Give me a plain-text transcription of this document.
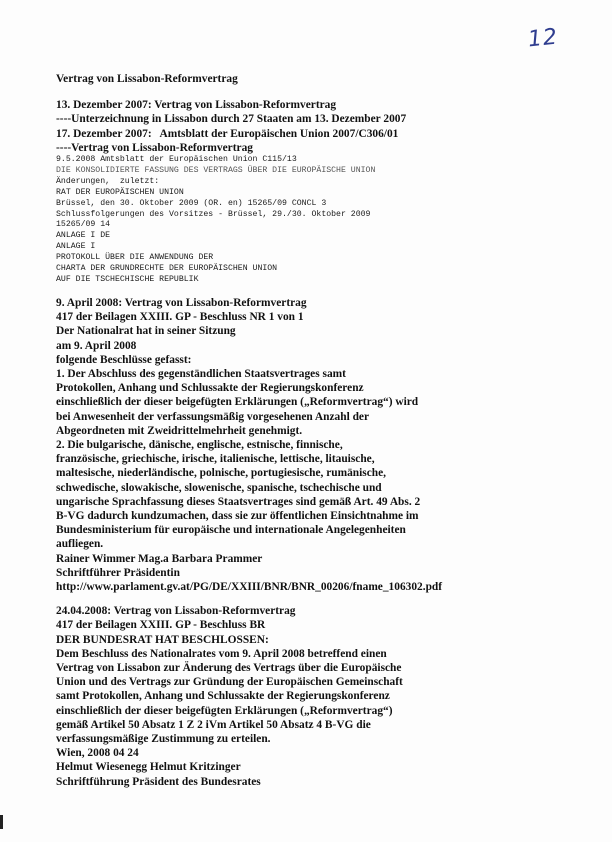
12
Vertrag von Lissabon-Reformvertrag
13. Dezember 2007: Vertrag von Lissabon-Reformvertrag
----Unterzeichnung in Lissabon durch 27 Staaten am 13. Dezember 2007
17. Dezember 2007:   Amtsblatt der Europäischen Union 2007/C306/01
----Vertrag von Lissabon-Reformvertrag
9.5.2008 Amtsblatt der Europäischen Union C115/13
DIE KONSOLIDIERTE FASSUNG DES VERTRAGS ÜBER DIE EUROPÄISCHE UNION
Änderungen,  zuletzt:
RAT DER EUROPÄISCHEN UNION
Brüssel, den 30. Oktober 2009 (OR. en) 15265/09 CONCL 3
Schlussfolgerungen des Vorsitzes - Brüssel, 29./30. Oktober 2009
15265/09 14
ANLAGE I DE
ANLAGE I
PROTOKOLL ÜBER DIE ANWENDUNG DER
CHARTA DER GRUNDRECHTE DER EUROPÄISCHEN UNION
AUF DIE TSCHECHISCHE REPUBLIK
9. April 2008: Vertrag von Lissabon-Reformvertrag
417 der Beilagen XXIII. GP - Beschluss NR 1 von 1
Der Nationalrat hat in seiner Sitzung
am 9. April 2008
folgende Beschlüsse gefasst:
1. Der Abschluss des gegenständlichen Staatsvertrages samt
Protokollen, Anhang und Schlussakte der Regierungskonferenz
einschließlich der dieser beigefügten Erklärungen („Reformvertrag“) wird
bei Anwesenheit der verfassungsmäßig vorgesehenen Anzahl der
Abgeordneten mit Zweidrittelmehrheit genehmigt.
2. Die bulgarische, dänische, englische, estnische, finnische,
französische, griechische, irische, italienische, lettische, litauische,
maltesische, niederländische, polnische, portugiesische, rumänische,
schwedische, slowakische, slowenische, spanische, tschechische und
ungarische Sprachfassung dieses Staatsvertrages sind gemäß Art. 49 Abs. 2
B-VG dadurch kundzumachen, dass sie zur öffentlichen Einsichtnahme im
Bundesministerium für europäische und internationale Angelegenheiten
aufliegen.
Rainer Wimmer Mag.a Barbara Prammer
Schriftführer Präsidentin
http://www.parlament.gv.at/PG/DE/XXIII/BNR/BNR_00206/fname_106302.pdf
24.04.2008: Vertrag von Lissabon-Reformvertrag
417 der Beilagen XXIII. GP - Beschluss BR
DER BUNDESRAT HAT BESCHLOSSEN:
Dem Beschluss des Nationalrates vom 9. April 2008 betreffend einen
Vertrag von Lissabon zur Änderung des Vertrags über die Europäische
Union und des Vertrags zur Gründung der Europäischen Gemeinschaft
samt Protokollen, Anhang und Schlussakte der Regierungskonferenz
einschließlich der dieser beigefügten Erklärungen („Reformvertrag“)
gemäß Artikel 50 Absatz 1 Z 2 iVm Artikel 50 Absatz 4 B-VG die
verfassungsmäßige Zustimmung zu erteilen.
Wien, 2008 04 24
Helmut Wiesenegg Helmut Kritzinger
Schriftführung Präsident des Bundesrates
